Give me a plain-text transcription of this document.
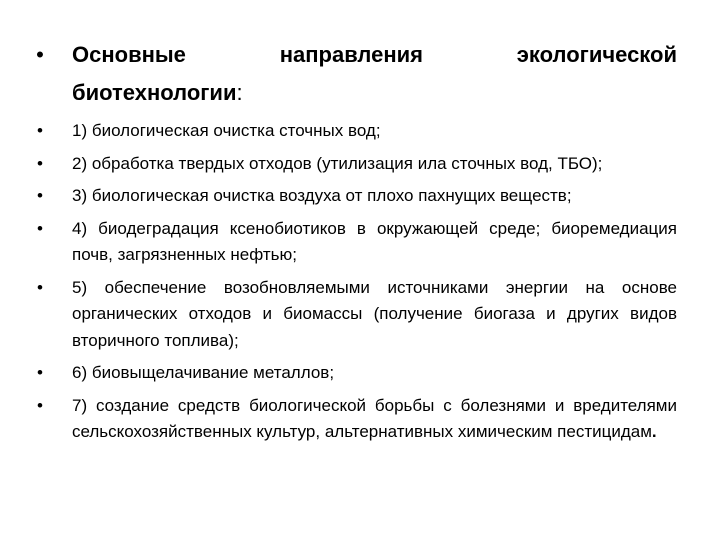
• Основные направления экологической биотехнологии:
•	1) биологическая очистка сточных вод;
•	2) обработка твердых отходов (утилизация ила сточных вод, ТБО);
•	3) биологическая очистка воздуха от плохо пахнущих веществ;
•	4) биодеградация ксенобиотиков в окружающей среде; биоремедиация почв, загрязненных нефтью;
•	5) обеспечение возобновляемыми источниками энергии на основе органических отходов и биомассы (получение биогаза и других видов вторичного топлива);
•	6) биовыщелачивание металлов;
•	7) создание средств биологической борьбы с болезнями и вредителями сельскохозяйственных культур, альтернативных химическим пестицидам.
